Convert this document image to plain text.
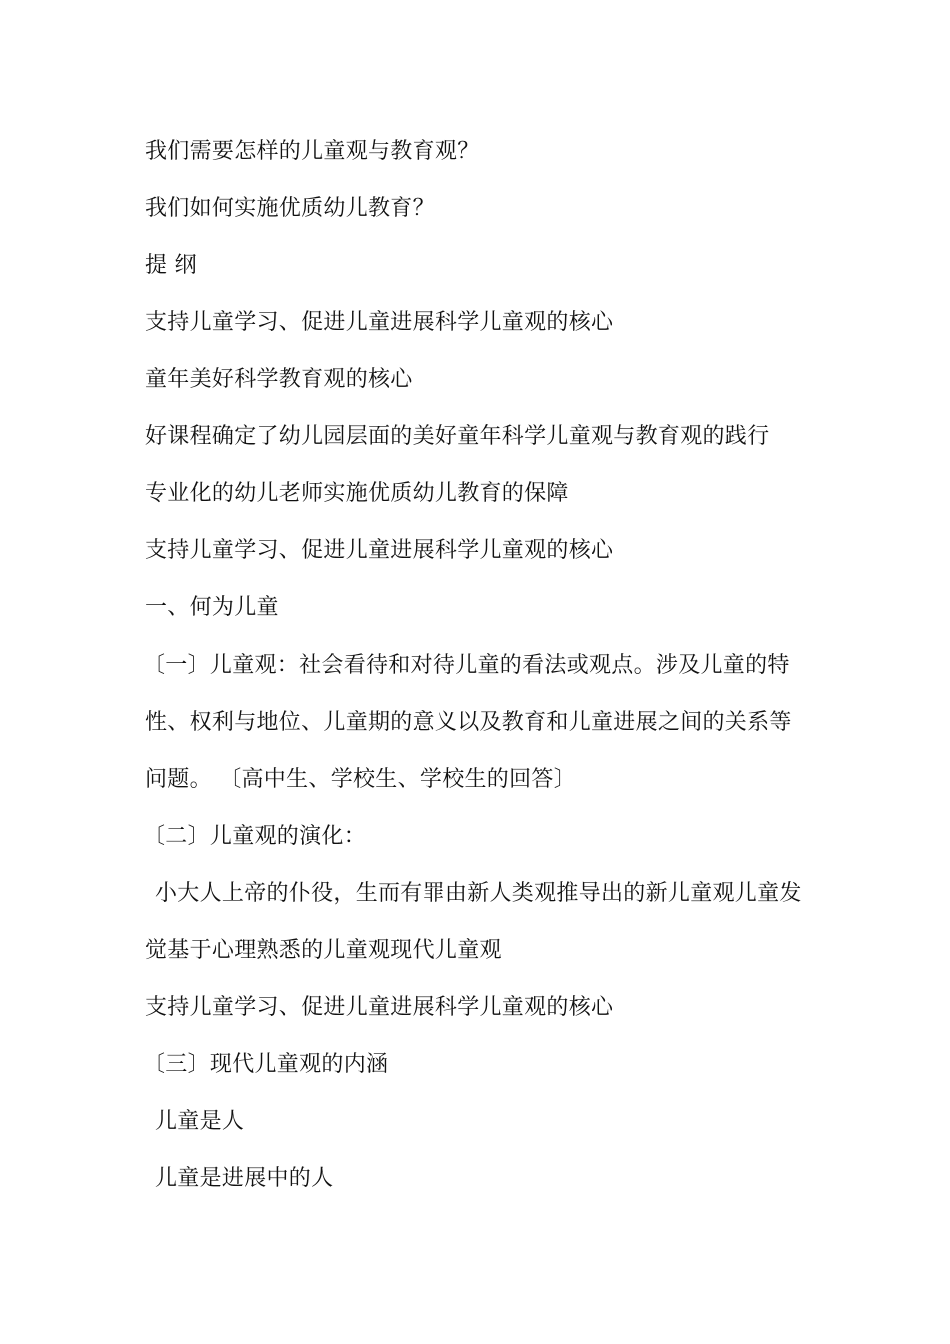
我们需要怎样的儿童观与教育观？
我们如何实施优质幼儿教育？
提 纲
支持儿童学习、促进儿童进展科学儿童观的核心
童年美好科学教育观的核心
好课程确定了幼儿园层面的美好童年科学儿童观与教育观的践行
专业化的幼儿老师实施优质幼儿教育的保障
支持儿童学习、促进儿童进展科学儿童观的核心
一、何为儿童
〔一〕儿童观：社会看待和对待儿童的看法或观点。涉及儿童的特
性、权利与地位、儿童期的意义以及教育和儿童进展之间的关系等
问题。 〔高中生、学校生、学校生的回答〕
〔二〕儿童观的演化：
小大人上帝的仆役，生而有罪由新人类观推导出的新儿童观儿童发
觉基于心理熟悉的儿童观现代儿童观
支持儿童学习、促进儿童进展科学儿童观的核心
〔三〕现代儿童观的内涵
儿童是人
儿童是进展中的人
